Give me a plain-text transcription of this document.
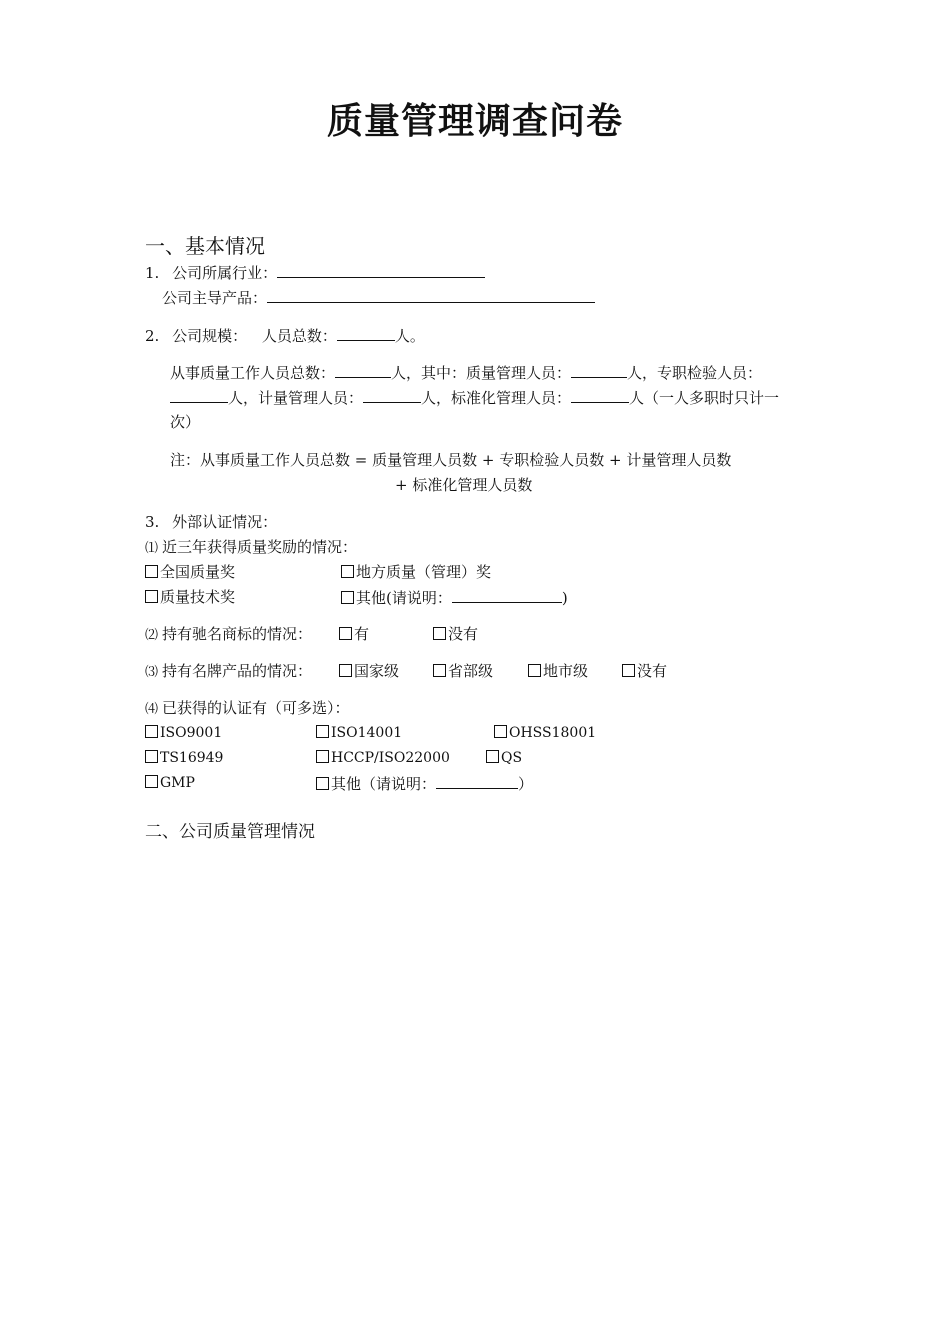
质量管理调查问卷
一、基本情况
1. 公司所属行业：
公司主导产品：
2. 公司规模： 人员总数：	人。
从事质量工作人员总数：	人，其中：质量管理人员：	人，专职检验人员：
人，计量管理人员：	人，标准化管理人员：	人（一人多职时只计一
次）
注：从事质量工作人员总数 = 质量管理人员数 + 专职检验人员数 + 计量管理人员数
+ 标准化管理人员数
3. 外部认证情况：
⑴ 近三年获得质量奖励的情况：
全国质量奖	地方质量（管理）奖
质量技术奖	其他(请说明：	)
⑵ 持有驰名商标的情况：	有	没有
⑶ 持有名牌产品的情况：	国家级	省部级	地市级	没有
⑷ 已获得的认证有（可多选）：
ISO9001	ISO14001	OHSS18001
TS16949	HCCP/ISO22000	QS
GMP	其他（请说明：	）
二、公司质量管理情况
